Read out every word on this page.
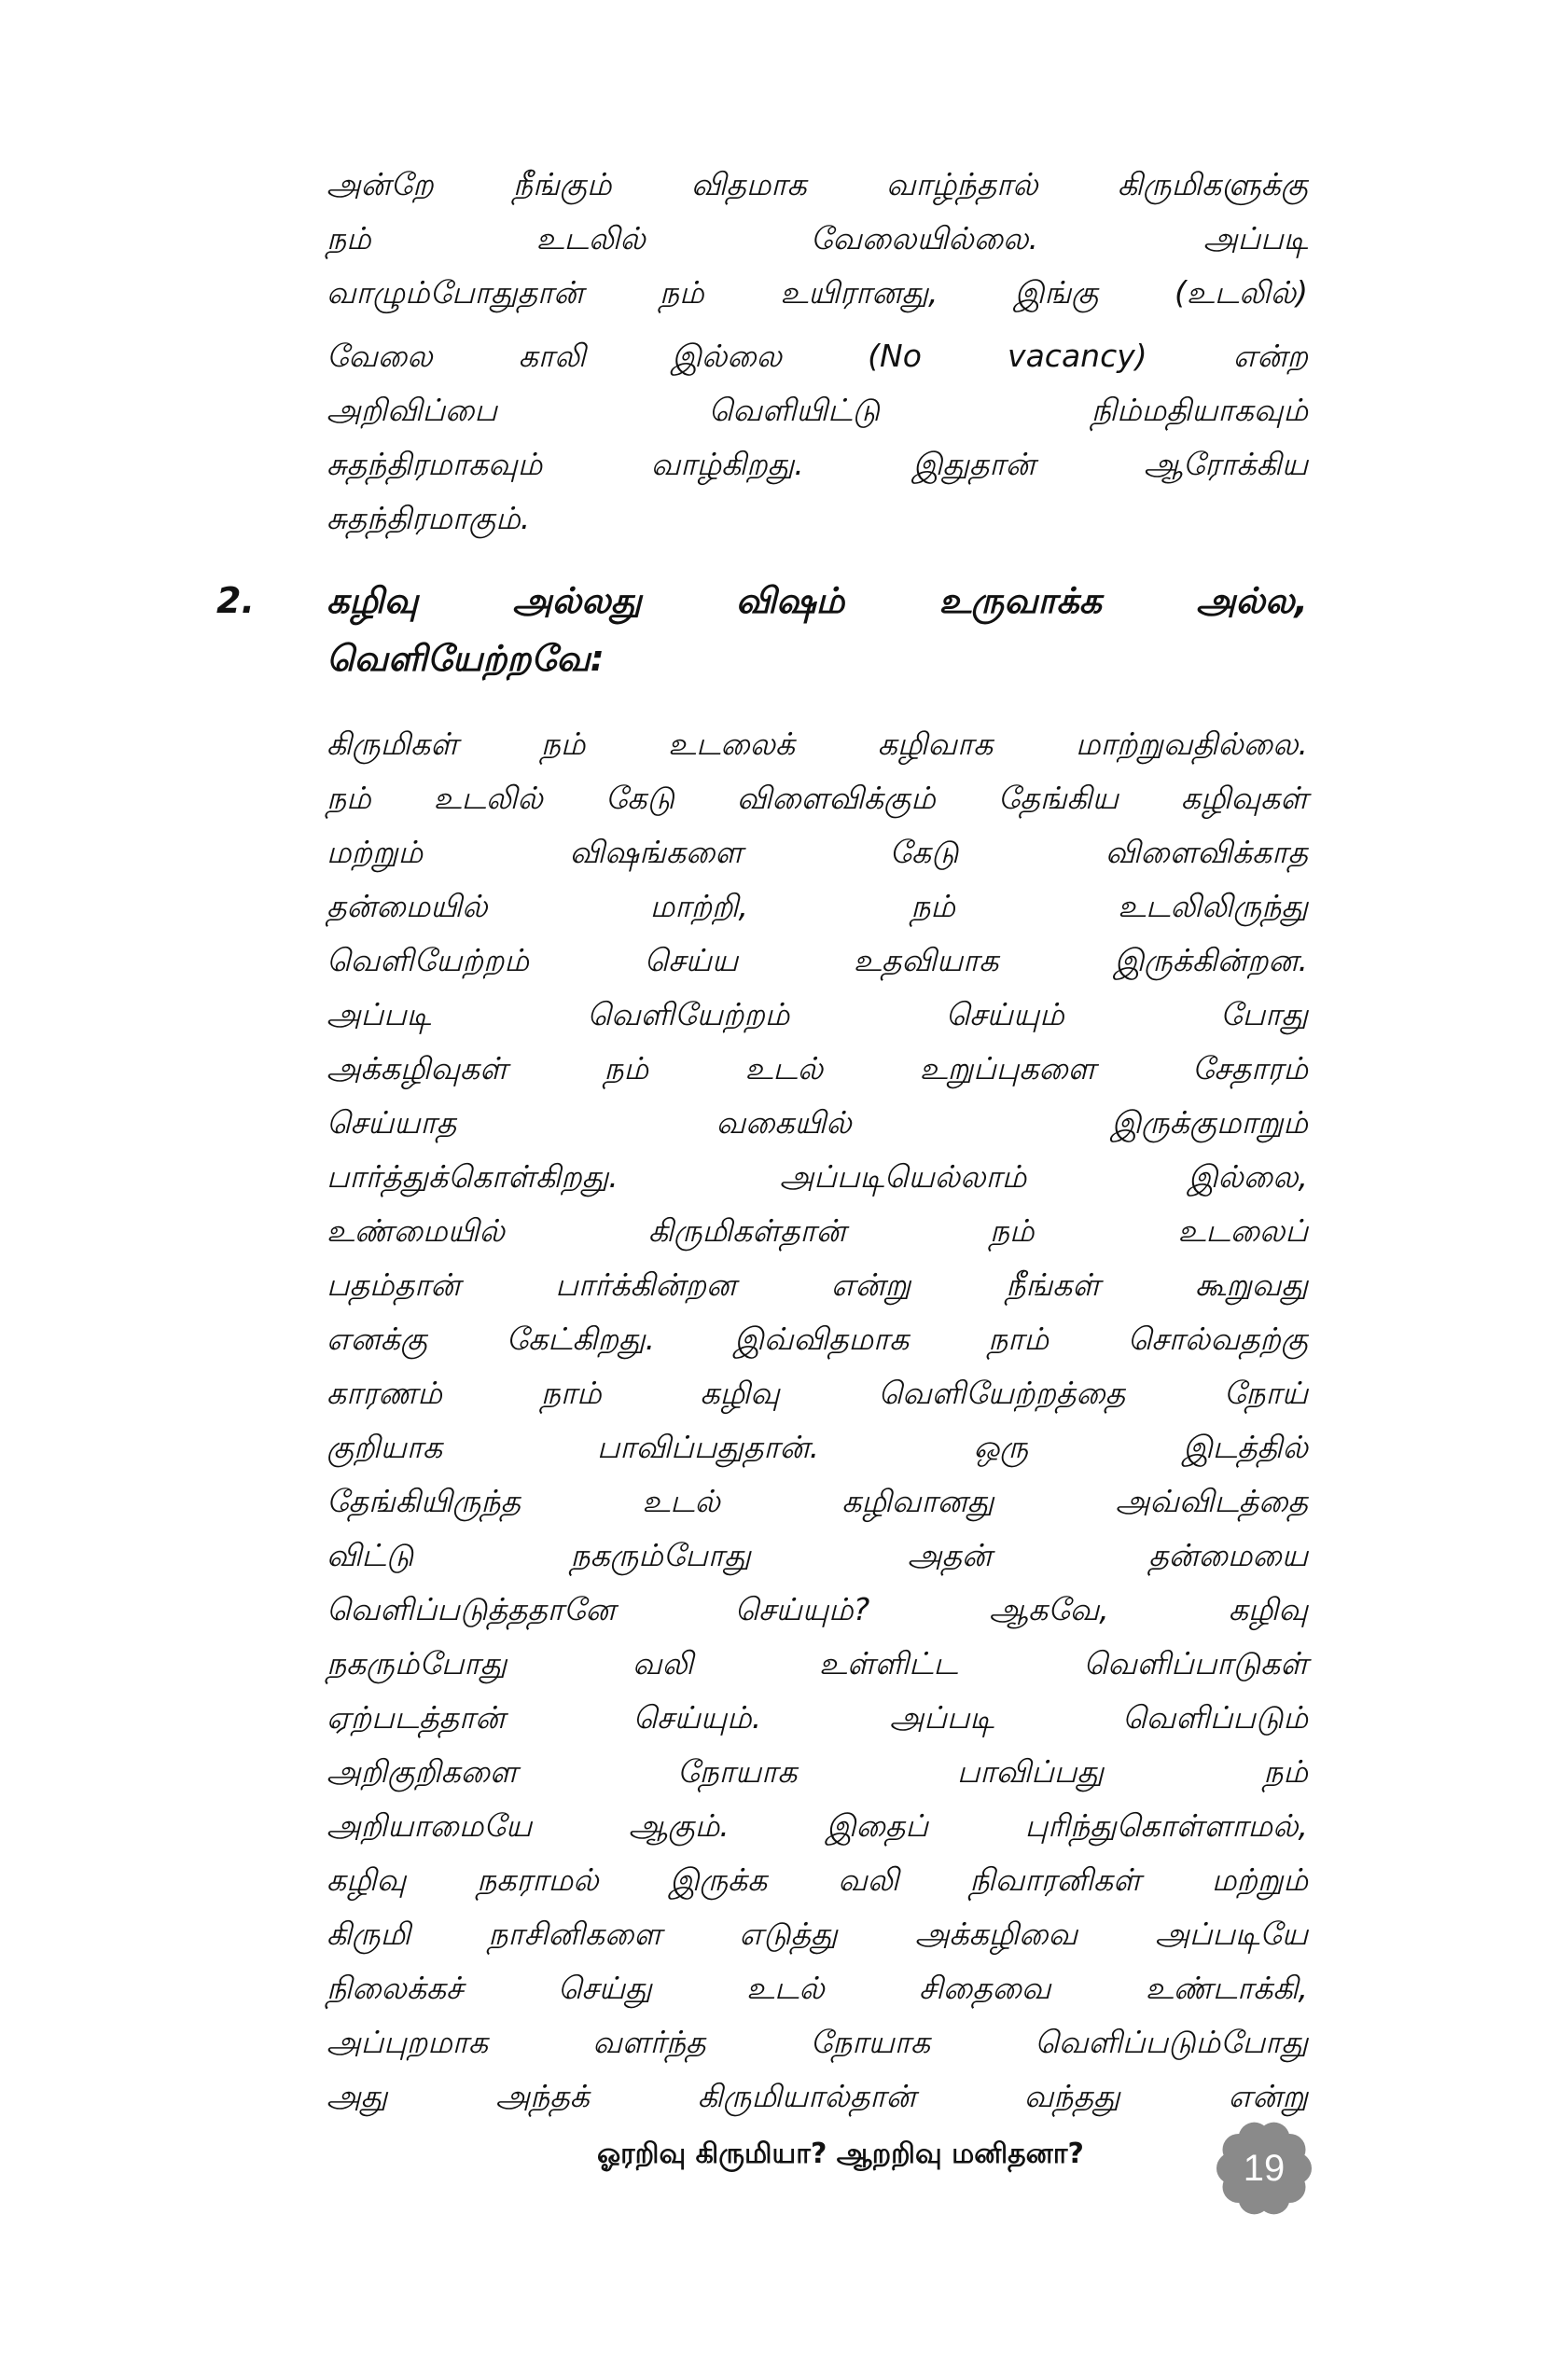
அன்றே நீங்கும் விதமாக வாழ்ந்தால் கிருமிகளுக்கு
நம் உடலில் வேலையில்லை. அப்படி
வாழும்போதுதான் நம் உயிரானது, இங்கு (உடலில்)
வேலை காலி இல்லை (No vacancy) என்ற
அறிவிப்பை வெளியிட்டு நிம்மதியாகவும்
சுதந்திரமாகவும் வாழ்கிறது. இதுதான் ஆரோக்கிய
சுதந்திரமாகும்.
2. கழிவு அல்லது விஷம் உருவாக்க அல்ல,
வெளியேற்றவே:
கிருமிகள் நம் உடலைக் கழிவாக மாற்றுவதில்லை.
நம் உடலில் கேடு விளைவிக்கும் தேங்கிய கழிவுகள்
மற்றும் விஷங்களை கேடு விளைவிக்காத
தன்மையில் மாற்றி, நம் உடலிலிருந்து
வெளியேற்றம் செய்ய உதவியாக இருக்கின்றன.
அப்படி வெளியேற்றம் செய்யும் போது
அக்கழிவுகள் நம் உடல் உறுப்புகளை சேதாரம்
செய்யாத வகையில் இருக்குமாறும்
பார்த்துக்கொள்கிறது. அப்படியெல்லாம் இல்லை,
உண்மையில் கிருமிகள்தான் நம் உடலைப்
பதம்தான் பார்க்கின்றன என்று நீங்கள் கூறுவது
எனக்கு கேட்கிறது. இவ்விதமாக நாம் சொல்வதற்கு
காரணம் நாம் கழிவு வெளியேற்றத்தை நோய்
குறியாக பாவிப்பதுதான். ஒரு இடத்தில்
தேங்கியிருந்த உடல் கழிவானது அவ்விடத்தை
விட்டு நகரும்போது அதன் தன்மையை
வெளிப்படுத்ததானே செய்யும்? ஆகவே, கழிவு
நகரும்போது வலி உள்ளிட்ட வெளிப்பாடுகள்
ஏற்படத்தான் செய்யும். அப்படி வெளிப்படும்
அறிகுறிகளை நோயாக பாவிப்பது நம்
அறியாமையே ஆகும். இதைப் புரிந்துகொள்ளாமல்,
கழிவு நகராமல் இருக்க வலி நிவாரனிகள் மற்றும்
கிருமி நாசினிகளை எடுத்து அக்கழிவை அப்படியே
நிலைக்கச் செய்து உடல் சிதைவை உண்டாக்கி,
அப்புறமாக வளர்ந்த நோயாக வெளிப்படும்போது
அது அந்தக் கிருமியால்தான் வந்தது என்று
ஓரறிவு கிருமியா? ஆறறிவு மனிதனா?	19
